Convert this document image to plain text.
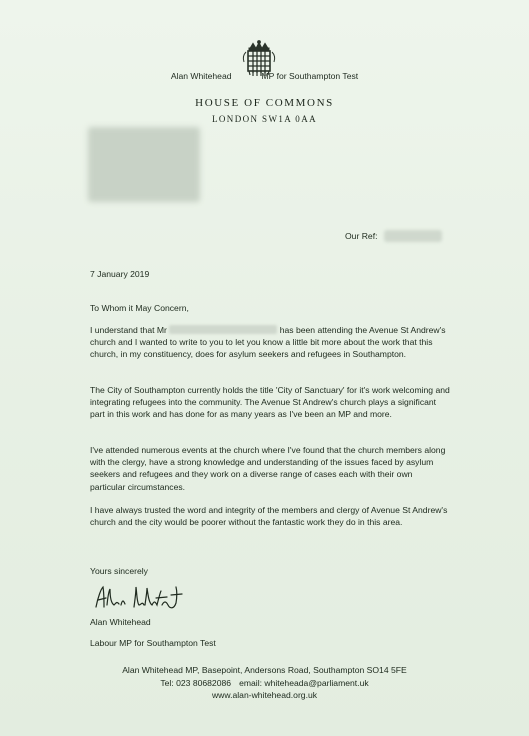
Alan Whitehead	MP for Southampton Test
HOUSE OF COMMONS
LONDON SW1A 0AA
Our Ref:
7 January 2019
To Whom it May Concern,
I understand that Mr	has been attending the Avenue St Andrew's church and I wanted to write to you to let you know a little bit more about the work that this church, in my constituency, does for asylum seekers and refugees in Southampton.
The City of Southampton currently holds the title 'City of Sanctuary' for it's work welcoming and integrating refugees into the community. The Avenue St Andrew's church plays a significant part in this work and has done for as many years as I've been an MP and more.
I've attended numerous events at the church where I've found that the church members along with the clergy, have a strong knowledge and understanding of the issues faced by asylum seekers and refugees and they work on a diverse range of cases each with their own particular circumstances.
I have always trusted the word and integrity of the members and clergy of Avenue St Andrew's church and the city would be poorer without the fantastic work they do in this area.
Yours sincerely
Alan Whitehead
Labour MP for Southampton Test
Alan Whitehead MP, Basepoint, Andersons Road, Southampton SO14 5FE
Tel: 023 80682086 email: whiteheada@parliament.uk
www.alan-whitehead.org.uk
